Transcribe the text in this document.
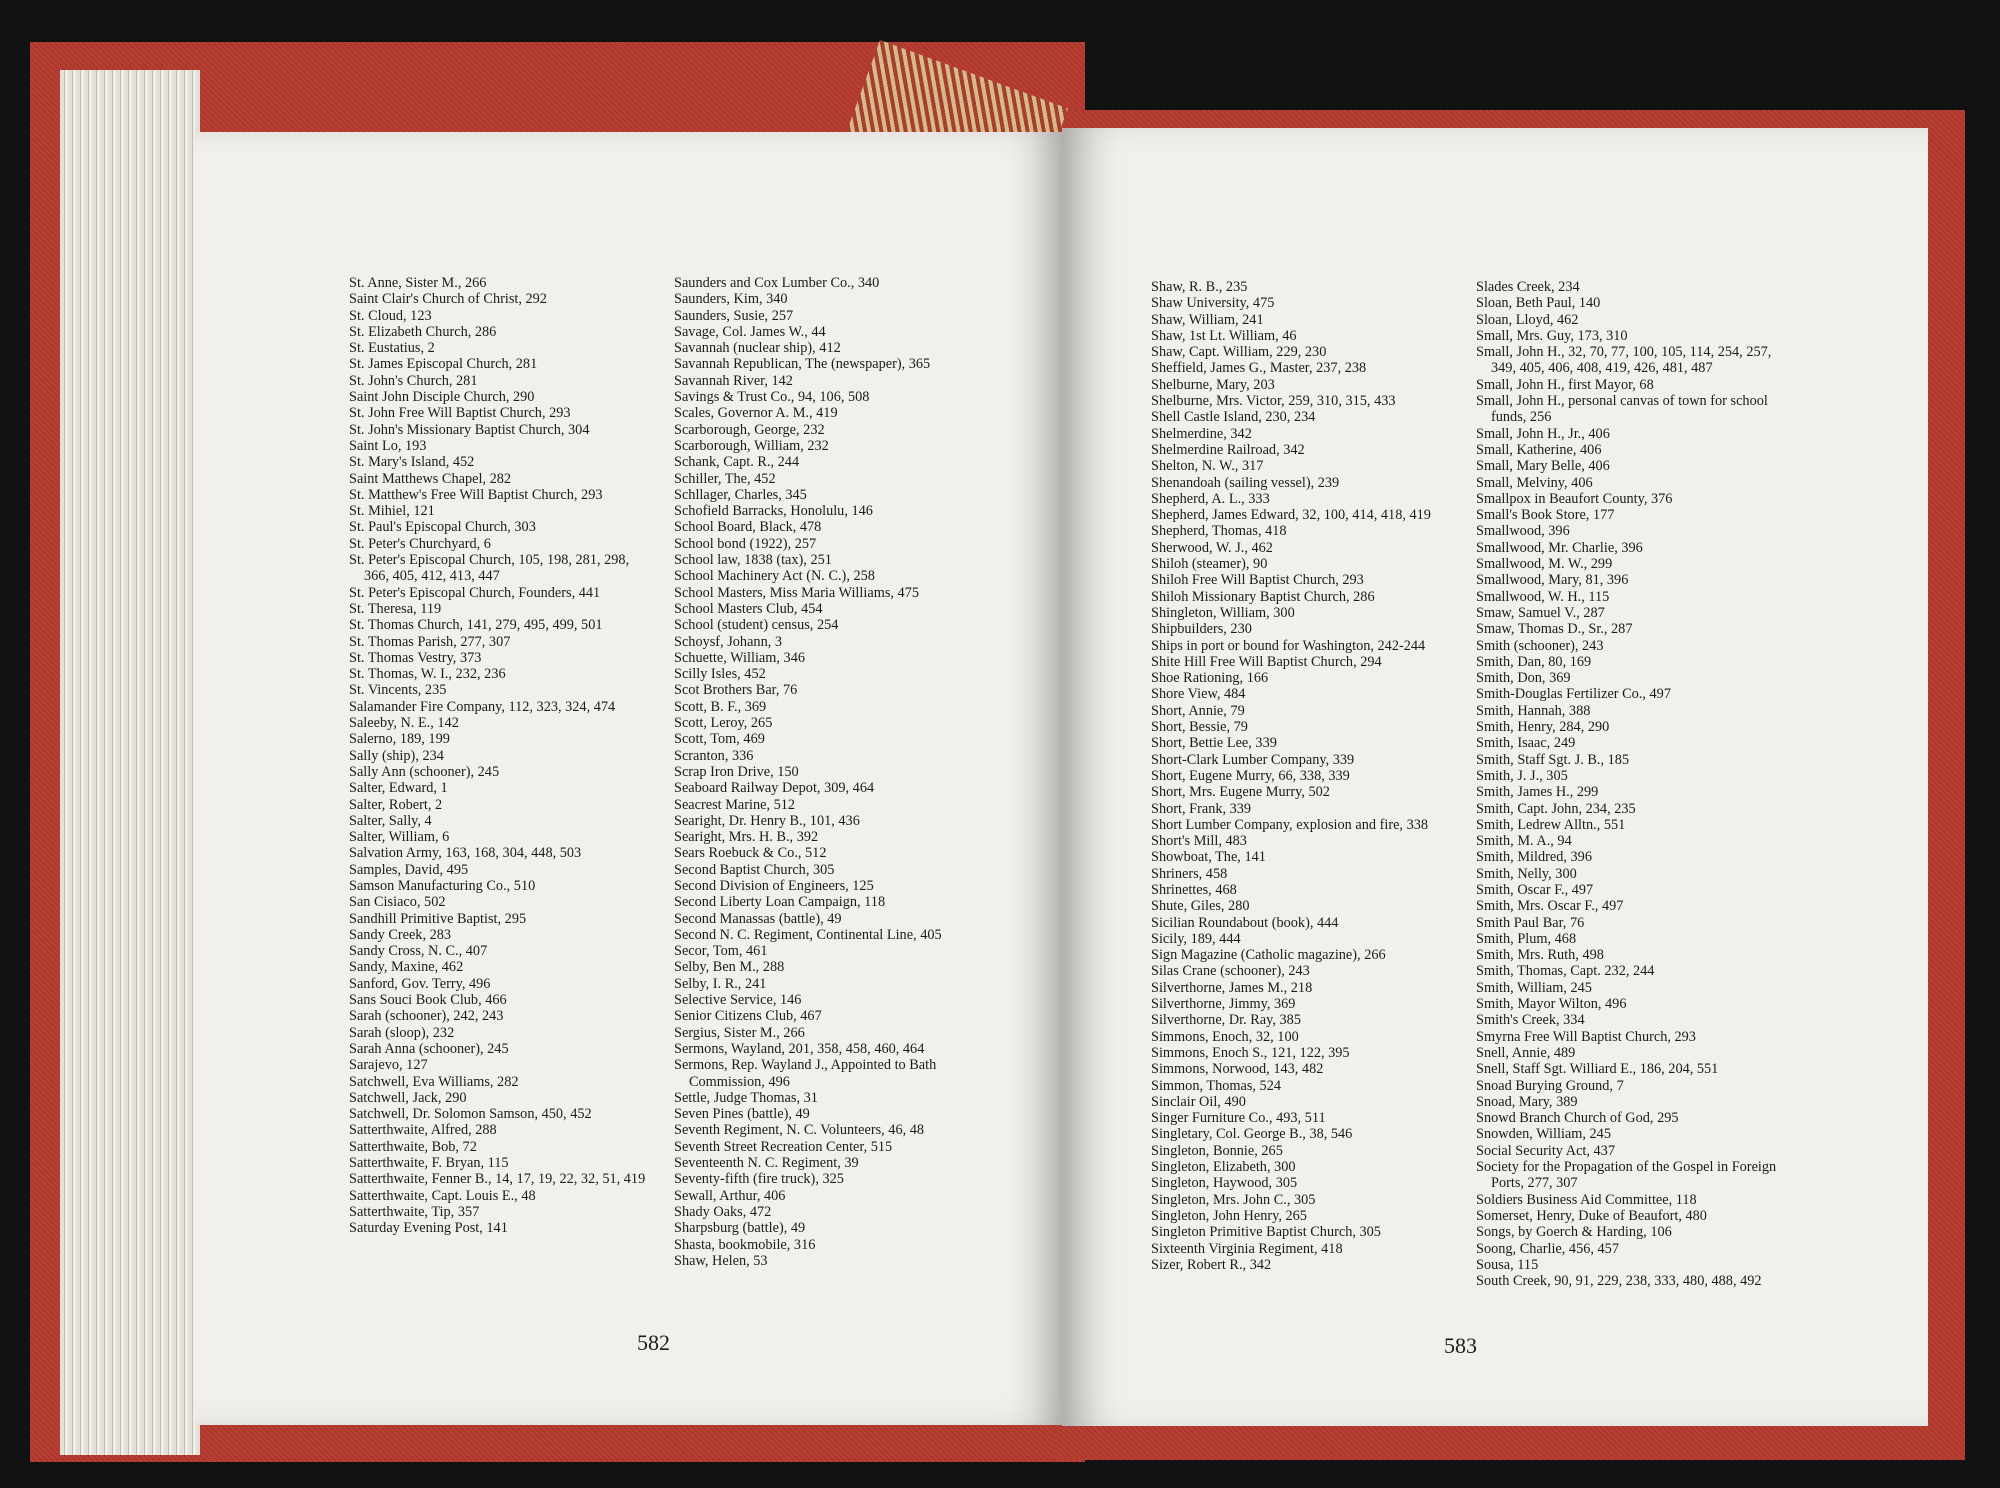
St. Anne, Sister M., 266
Saint Clair's Church of Christ, 292
St. Cloud, 123
St. Elizabeth Church, 286
St. Eustatius, 2
St. James Episcopal Church, 281
St. John's Church, 281
Saint John Disciple Church, 290
St. John Free Will Baptist Church, 293
St. John's Missionary Baptist Church, 304
Saint Lo, 193
St. Mary's Island, 452
Saint Matthews Chapel, 282
St. Matthew's Free Will Baptist Church, 293
St. Mihiel, 121
St. Paul's Episcopal Church, 303
St. Peter's Churchyard, 6
St. Peter's Episcopal Church, 105, 198, 281, 298, 366, 405, 412, 413, 447
St. Peter's Episcopal Church, Founders, 441
St. Theresa, 119
St. Thomas Church, 141, 279, 495, 499, 501
St. Thomas Parish, 277, 307
St. Thomas Vestry, 373
St. Thomas, W. I., 232, 236
St. Vincents, 235
Salamander Fire Company, 112, 323, 324, 474
Saleeby, N. E., 142
Salerno, 189, 199
Sally (ship), 234
Sally Ann (schooner), 245
Salter, Edward, 1
Salter, Robert, 2
Salter, Sally, 4
Salter, William, 6
Salvation Army, 163, 168, 304, 448, 503
Samples, David, 495
Samson Manufacturing Co., 510
San Cisiaco, 502
Sandhill Primitive Baptist, 295
Sandy Creek, 283
Sandy Cross, N. C., 407
Sandy, Maxine, 462
Sanford, Gov. Terry, 496
Sans Souci Book Club, 466
Sarah (schooner), 242, 243
Sarah (sloop), 232
Sarah Anna (schooner), 245
Sarajevo, 127
Satchwell, Eva Williams, 282
Satchwell, Jack, 290
Satchwell, Dr. Solomon Samson, 450, 452
Satterthwaite, Alfred, 288
Satterthwaite, Bob, 72
Satterthwaite, F. Bryan, 115
Satterthwaite, Fenner B., 14, 17, 19, 22, 32, 51, 419
Satterthwaite, Capt. Louis E., 48
Satterthwaite, Tip, 357
Saturday Evening Post, 141
Saunders and Cox Lumber Co., 340
Saunders, Kim, 340
Saunders, Susie, 257
Savage, Col. James W., 44
Savannah (nuclear ship), 412
Savannah Republican, The (newspaper), 365
Savannah River, 142
Savings & Trust Co., 94, 106, 508
Scales, Governor A. M., 419
Scarborough, George, 232
Scarborough, William, 232
Schank, Capt. R., 244
Schiller, The, 452
Schllager, Charles, 345
Schofield Barracks, Honolulu, 146
School Board, Black, 478
School bond (1922), 257
School law, 1838 (tax), 251
School Machinery Act (N. C.), 258
School Masters, Miss Maria Williams, 475
School Masters Club, 454
School (student) census, 254
Schoysf, Johann, 3
Schuette, William, 346
Scilly Isles, 452
Scot Brothers Bar, 76
Scott, B. F., 369
Scott, Leroy, 265
Scott, Tom, 469
Scranton, 336
Scrap Iron Drive, 150
Seaboard Railway Depot, 309, 464
Seacrest Marine, 512
Searight, Dr. Henry B., 101, 436
Searight, Mrs. H. B., 392
Sears Roebuck & Co., 512
Second Baptist Church, 305
Second Division of Engineers, 125
Second Liberty Loan Campaign, 118
Second Manassas (battle), 49
Second N. C. Regiment, Continental Line, 405
Secor, Tom, 461
Selby, Ben M., 288
Selby, I. R., 241
Selective Service, 146
Senior Citizens Club, 467
Sergius, Sister M., 266
Sermons, Wayland, 201, 358, 458, 460, 464
Sermons, Rep. Wayland J., Appointed to Bath Commission, 496
Settle, Judge Thomas, 31
Seven Pines (battle), 49
Seventh Regiment, N. C. Volunteers, 46, 48
Seventh Street Recreation Center, 515
Seventeenth N. C. Regiment, 39
Seventy-fifth (fire truck), 325
Sewall, Arthur, 406
Shady Oaks, 472
Sharpsburg (battle), 49
Shasta, bookmobile, 316
Shaw, Helen, 53
Shaw, R. B., 235
Shaw University, 475
Shaw, William, 241
Shaw, 1st Lt. William, 46
Shaw, Capt. William, 229, 230
Sheffield, James G., Master, 237, 238
Shelburne, Mary, 203
Shelburne, Mrs. Victor, 259, 310, 315, 433
Shell Castle Island, 230, 234
Shelmerdine, 342
Shelmerdine Railroad, 342
Shelton, N. W., 317
Shenandoah (sailing vessel), 239
Shepherd, A. L., 333
Shepherd, James Edward, 32, 100, 414, 418, 419
Shepherd, Thomas, 418
Sherwood, W. J., 462
Shiloh (steamer), 90
Shiloh Free Will Baptist Church, 293
Shiloh Missionary Baptist Church, 286
Shingleton, William, 300
Shipbuilders, 230
Ships in port or bound for Washington, 242-244
Shite Hill Free Will Baptist Church, 294
Shoe Rationing, 166
Shore View, 484
Short, Annie, 79
Short, Bessie, 79
Short, Bettie Lee, 339
Short-Clark Lumber Company, 339
Short, Eugene Murry, 66, 338, 339
Short, Mrs. Eugene Murry, 502
Short, Frank, 339
Short Lumber Company, explosion and fire, 338
Short's Mill, 483
Showboat, The, 141
Shriners, 458
Shrinettes, 468
Shute, Giles, 280
Sicilian Roundabout (book), 444
Sicily, 189, 444
Sign Magazine (Catholic magazine), 266
Silas Crane (schooner), 243
Silverthorne, James M., 218
Silverthorne, Jimmy, 369
Silverthorne, Dr. Ray, 385
Simmons, Enoch, 32, 100
Simmons, Enoch S., 121, 122, 395
Simmons, Norwood, 143, 482
Simmon, Thomas, 524
Sinclair Oil, 490
Singer Furniture Co., 493, 511
Singletary, Col. George B., 38, 546
Singleton, Bonnie, 265
Singleton, Elizabeth, 300
Singleton, Haywood, 305
Singleton, Mrs. John C., 305
Singleton, John Henry, 265
Singleton Primitive Baptist Church, 305
Sixteenth Virginia Regiment, 418
Sizer, Robert R., 342
Slades Creek, 234
Sloan, Beth Paul, 140
Sloan, Lloyd, 462
Small, Mrs. Guy, 173, 310
Small, John H., 32, 70, 77, 100, 105, 114, 254, 257, 349, 405, 406, 408, 419, 426, 481, 487
Small, John H., first Mayor, 68
Small, John H., personal canvas of town for school funds, 256
Small, John H., Jr., 406
Small, Katherine, 406
Small, Mary Belle, 406
Small, Melviny, 406
Smallpox in Beaufort County, 376
Small's Book Store, 177
Smallwood, 396
Smallwood, Mr. Charlie, 396
Smallwood, M. W., 299
Smallwood, Mary, 81, 396
Smallwood, W. H., 115
Smaw, Samuel V., 287
Smaw, Thomas D., Sr., 287
Smith (schooner), 243
Smith, Dan, 80, 169
Smith, Don, 369
Smith-Douglas Fertilizer Co., 497
Smith, Hannah, 388
Smith, Henry, 284, 290
Smith, Isaac, 249
Smith, Staff Sgt. J. B., 185
Smith, J. J., 305
Smith, James H., 299
Smith, Capt. John, 234, 235
Smith, Ledrew Alltn., 551
Smith, M. A., 94
Smith, Mildred, 396
Smith, Nelly, 300
Smith, Oscar F., 497
Smith, Mrs. Oscar F., 497
Smith Paul Bar, 76
Smith, Plum, 468
Smith, Mrs. Ruth, 498
Smith, Thomas, Capt. 232, 244
Smith, William, 245
Smith, Mayor Wilton, 496
Smith's Creek, 334
Smyrna Free Will Baptist Church, 293
Snell, Annie, 489
Snell, Staff Sgt. Williard E., 186, 204, 551
Snoad Burying Ground, 7
Snoad, Mary, 389
Snowd Branch Church of God, 295
Snowden, William, 245
Social Security Act, 437
Society for the Propagation of the Gospel in Foreign Ports, 277, 307
Soldiers Business Aid Committee, 118
Somerset, Henry, Duke of Beaufort, 480
Songs, by Goerch & Harding, 106
Soong, Charlie, 456, 457
Sousa, 115
South Creek, 90, 91, 229, 238, 333, 480, 488, 492
582	583
